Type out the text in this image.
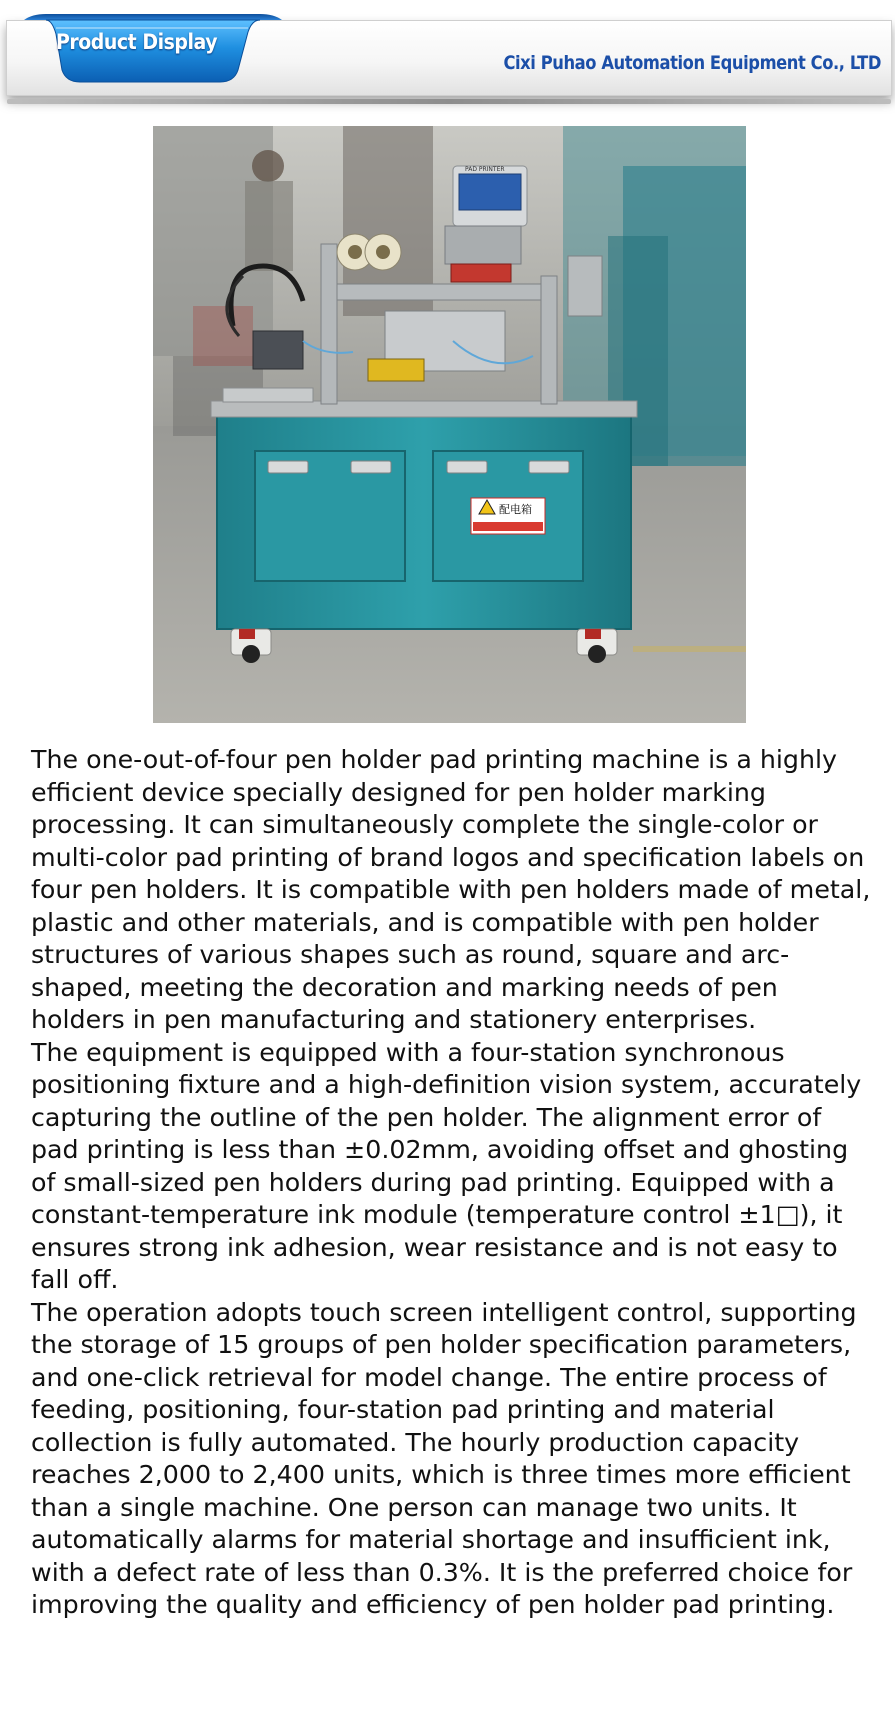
Product Display
Cixi Puhao Automation Equipment Co., LTD
配电箱
PAD PRINTER

The one-out-of-four pen holder pad printing machine is a highly efficient device specially designed for pen holder marking processing. It can simultaneously complete the single-color or multi-color pad printing of brand logos and specification labels on four pen holders. It is compatible with pen holders made of metal, plastic and other materials, and is compatible with pen holder structures of various shapes such as round, square and arc-shaped, meeting the decoration and marking needs of pen holders in pen manufacturing and stationery enterprises.

The equipment is equipped with a four-station synchronous positioning fixture and a high-definition vision system, accurately capturing the outline of the pen holder. The alignment error of pad printing is less than ±0.02mm, avoiding offset and ghosting of small-sized pen holders during pad printing. Equipped with a constant-temperature ink module (temperature control ±1□), it ensures strong ink adhesion, wear resistance and is not easy to fall off.

The operation adopts touch screen intelligent control, supporting the storage of 15 groups of pen holder specification parameters, and one-click retrieval for model change. The entire process of feeding, positioning, four-station pad printing and material collection is fully automated. The hourly production capacity reaches 2,000 to 2,400 units, which is three times more efficient than a single machine. One person can manage two units. It automatically alarms for material shortage and insufficient ink, with a defect rate of less than 0.3%. It is the preferred choice for improving the quality and efficiency of pen holder pad printing.
